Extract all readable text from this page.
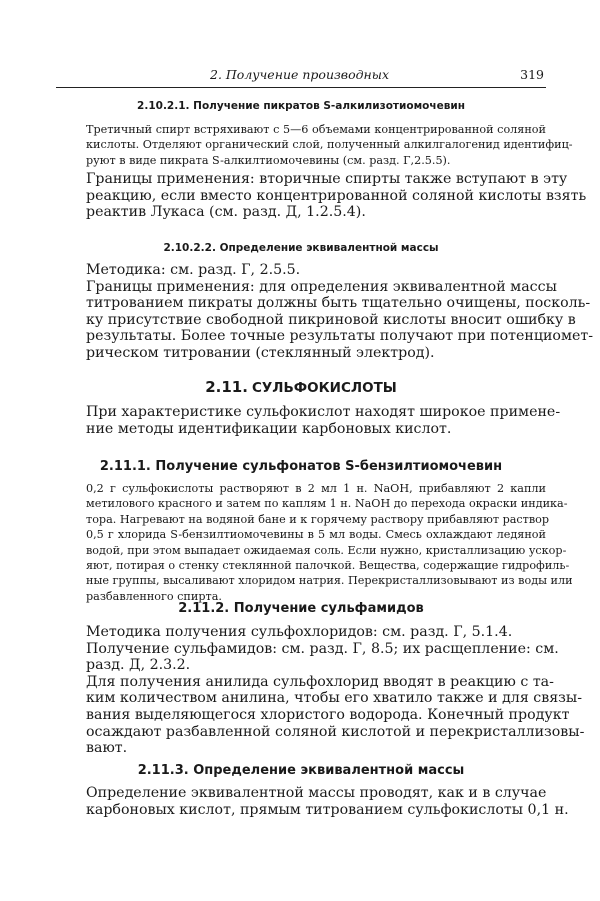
2. Получение производных	319
2.10.2.1. Получение пикратов S-алкилизотиомочевин

Третичный спирт встряхивают с 5—6 объемами концентрированной соляной
кислоты. Отделяют органический слой, полученный алкилгалогенид идентифиц-
руют в виде пикрата S-алкилтиомочевины (см. разд. Г,2.5.5).

Границы применения: вторичные спирты также вступают в эту
реакцию, если вместо концентрированной соляной кислоты взять
реактив Лукаса (см. разд. Д, 1.2.5.4).

2.10.2.2. Определение эквивалентной массы

Методика: см. разд. Г, 2.5.5.
Границы применения: для определения эквивалентной массы
титрованием пикраты должны быть тщательно очищены, посколь-
ку присутствие свободной пикриновой кислоты вносит ошибку в
результаты. Более точные результаты получают при потенциомет-
рическом титровании (стеклянный электрод).

2.11. СУЛЬФОКИСЛОТЫ

При характеристике сульфокислот находят широкое примене-
ние методы идентификации карбоновых кислот.

2.11.1. Получение сульфонатов S-бензилтиомочевин

0,2 г сульфокислоты растворяют в 2 мл 1 н. NaOH, прибавляют 2 капли
метилового красного и затем по каплям 1 н. NaOH до перехода окраски индика-
тора. Нагревают на водяной бане и к горячему раствору прибавляют раствор
0,5 г хлорида S-бензилтиомочевины в 5 мл воды. Смесь охлаждают ледяной
водой, при этом выпадает ожидаемая соль. Если нужно, кристаллизацию ускор-
яют, потирая о стенку стеклянной палочкой. Вещества, содержащие гидрофиль-
ные группы, высаливают хлоридом натрия. Перекристаллизовывают из воды или
разбавленного спирта.

2.11.2. Получение сульфамидов

Методика получения сульфохлоридов: см. разд. Г, 5.1.4.
Получение сульфамидов: см. разд. Г, 8.5; их расщепление: см.
разд. Д, 2.3.2.
Для получения анилида сульфохлорид вводят в реакцию с та-
ким количеством анилина, чтобы его хватило также и для связы-
вания выделяющегося хлористого водорода. Конечный продукт
осаждают разбавленной соляной кислотой и перекристаллизовы-
вают.

2.11.3. Определение эквивалентной массы

Определение эквивалентной массы проводят, как и в случае
карбоновых кислот, прямым титрованием сульфокислоты 0,1 н.
